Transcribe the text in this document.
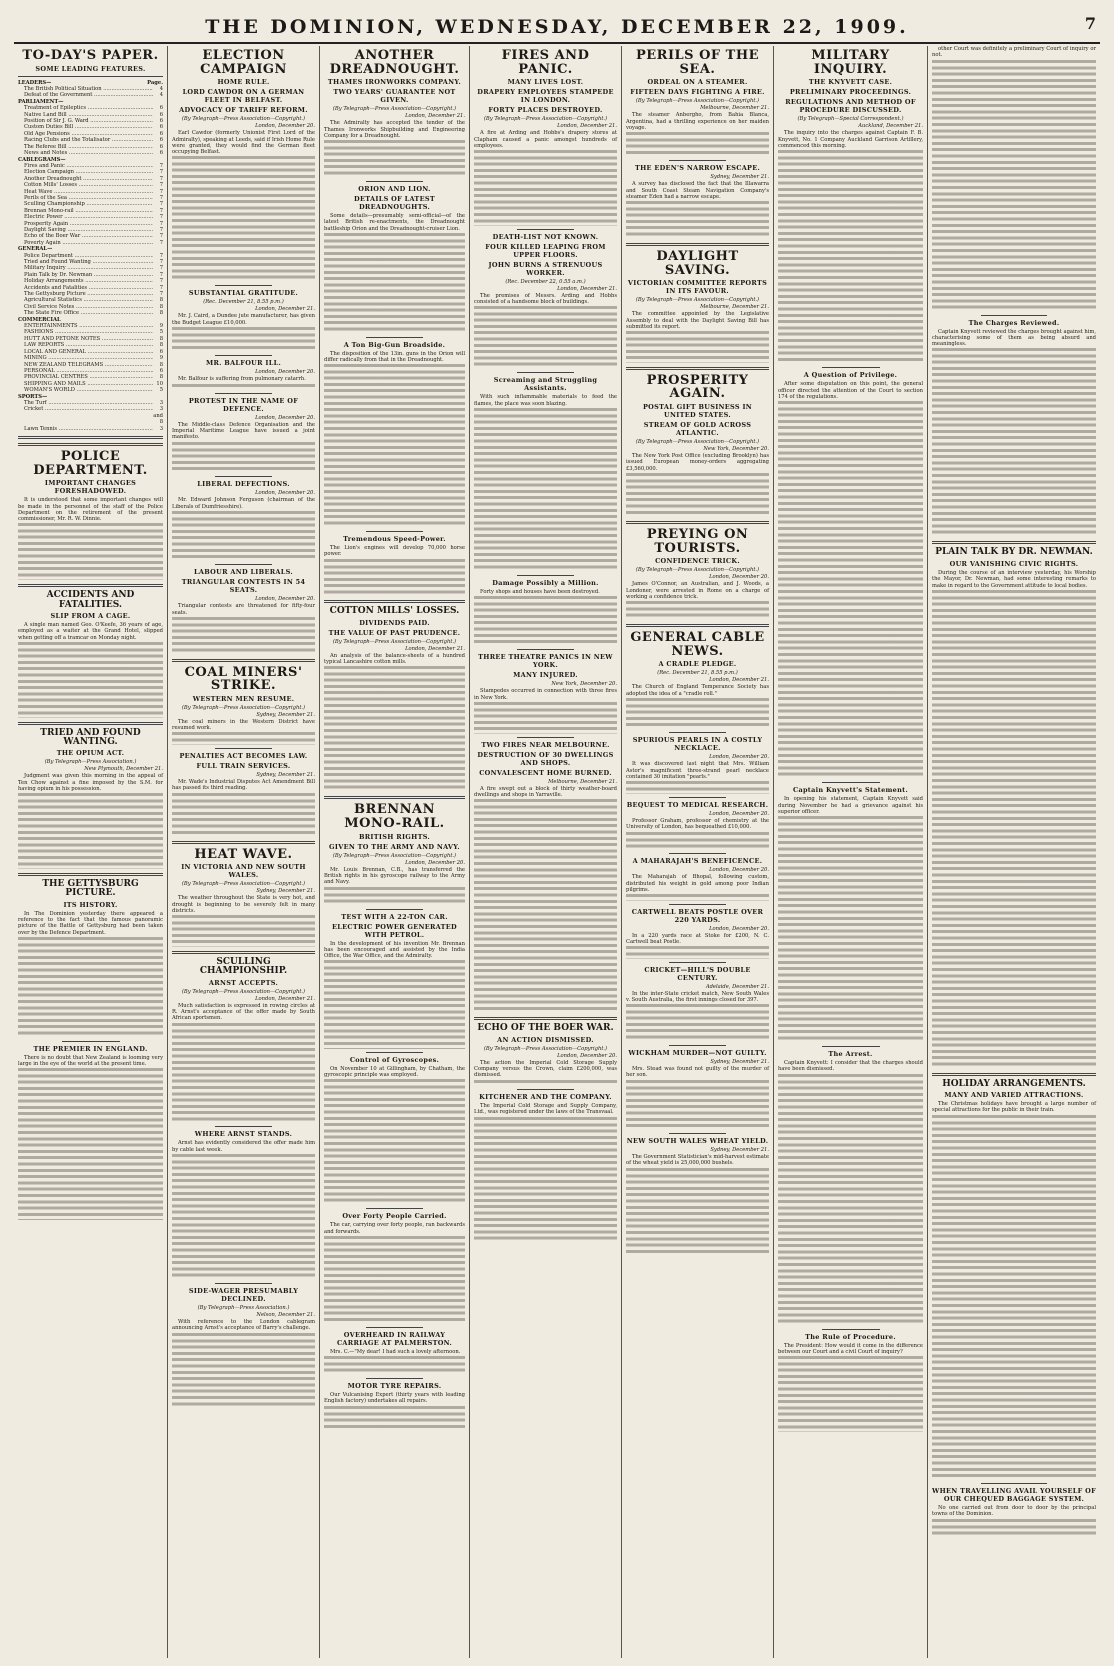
THE DOMINION, WEDNESDAY, DECEMBER 22, 1909.	7
TO-DAY'S PAPER.
SOME LEADING FEATURES.
LEADERS—	Page.
The British Political Situation .....	4
Defeat of the Government .....	4
PARLIAMENT—
Treatment of Epileptics .....	6
Native Land Bill .....	6
Position of Sir J. G. Ward .....	6
Custom Duties Bill .....	6
Old Age Pensions .....	6
Racing Clubs and the Totalisator .....	6
The Referee Bill .....	6
News and Notes .....	6
CABLEGRAMS—
Fires and Panic .....	7
Election Campaign .....	7
Another Dreadnought .....	7
Cotton Mills' Losses .....	7
Heat Wave .....	7
Perils of the Sea .....	7
Sculling Championship .....	7
Brennan Mono-rail .....	7
Electric Power .....	7
Prosperity Again .....	7
Daylight Saving .....	7
Echo of the Boer War .....	7
Poverty Again .....	7
GENERAL—
Police Department .....	7
Tried and Found Wanting .....	7
Military Inquiry .....	7
Plain Talk by Dr. Newman .....	7
Holiday Arrangements .....	7
Accidents and Fatalities .....	7
The Gettysburg Picture .....	7
Agricultural Statistics .....	8
Civil Service Notes .....	8
The State Fire Office .....	8
COMMERCIAL
ENTERTAINMENTS .....	9
FASHIONS .....	5
HUTT AND PETONE NOTES .....	8
LAW REPORTS .....	8
LOCAL AND GENERAL .....	6
MINING .....	9
NEW ZEALAND TELEGRAMS .....	8
PERSONAL .....	6
PROVINCIAL CENTRES .....	8
SHIPPING AND MAILS .....	10
WOMAN'S WORLD .....	5
SPORTS—
The Turf .....	3
Cricket .....	3 and 8
Lawn Tennis .....	3
POLICE DEPARTMENT.
IMPORTANT CHANGES FORESHADOWED.
It is understood that some important changes will be made in the personnel of the staff of the Police Department on the retirement of the present commissioner, Mr. R. W. Dinnie.
ACCIDENTS AND FATALITIES.
SLIP FROM A CAGE.
A single man named Geo. O'Keefe, 36 years of age, employed as a waiter at the Grand Hotel, slipped when getting off a tramcar on Monday night.
TRIED AND FOUND WANTING.
THE OPIUM ACT.
(By Telegraph—Press Association.)
New Plymouth, December 21.
Judgment was given this morning in the appeal of Ten Chow against a fine imposed by the S.M. for having opium in his possession.
THE GETTYSBURG PICTURE.
ITS HISTORY.
In The Dominion yesterday there appeared a reference to the fact that the famous panoramic picture of the Battle of Gettysburg had been taken over by the Defence Department.
THE PREMIER IN ENGLAND.
There is no doubt that New Zealand is looming very large in the eye of the world at the present time.
ELECTION CAMPAIGN
HOME RULE.
LORD CAWDOR ON A GERMAN FLEET IN BELFAST.
ADVOCACY OF TARIFF REFORM.
(By Telegraph—Press Association—Copyright.)
London, December 20.
Earl Cawdor (formerly Unionist First Lord of the Admiralty), speaking at Leeds, said if Irish Home Rule were granted, they would find the German fleet occupying Belfast.
SUBSTANTIAL GRATITUDE.
(Rec. December 21, 8.55 p.m.)
London, December 21.
Mr. J. Caird, a Dundee jute manufacturer, has given the Budget League £10,000.
MR. BALFOUR ILL.
London, December 20.
Mr. Balfour is suffering from pulmonary catarrh.
PROTEST IN THE NAME OF DEFENCE.
London, December 20.
The Middle-class Defence Organisation and the Imperial Maritime League have issued a joint manifesto.
LIBERAL DEFECTIONS.
London, December 20.
Mr. Edward Johnson Ferguson (chairman of the Liberals of Dumfriesshire).
LABOUR AND LIBERALS.
TRIANGULAR CONTESTS IN 54 SEATS.
London, December 20.
Triangular contests are threatened for fifty-four seats.
COAL MINERS' STRIKE.
WESTERN MEN RESUME.
(By Telegraph—Press Association—Copyright.)
Sydney, December 21.
The coal miners in the Western District have resumed work.
PENALTIES ACT BECOMES LAW.
FULL TRAIN SERVICES.
Sydney, December 21.
Mr. Wade's Industrial Disputes Act Amendment Bill has passed its third reading.
HEAT WAVE.
IN VICTORIA AND NEW SOUTH WALES.
(By Telegraph—Press Association—Copyright.)
Sydney, December 21.
The weather throughout the State is very hot, and drought is beginning to be severely felt in many districts.
SCULLING CHAMPIONSHIP.
ARNST ACCEPTS.
(By Telegraph—Press Association—Copyright.)
London, December 21.
Much satisfaction is expressed in rowing circles at R. Arnst's acceptance of the offer made by South African sportsmen.
WHERE ARNST STANDS.
Arnst has evidently considered the offer made him by cable last week.
SIDE-WAGER PRESUMABLY DECLINED.
(By Telegraph—Press Association.)
Nelson, December 21.
With reference to the London cablegram announcing Arnst's acceptance of Barry's challenge.
ANOTHER DREADNOUGHT.
THAMES IRONWORKS COMPANY.
TWO YEARS' GUARANTEE NOT GIVEN.
(By Telegraph—Press Association—Copyright.)
London, December 21.
The Admiralty has accepted the tender of the Thames Ironworks Shipbuilding and Engineering Company for a Dreadnought.
ORION AND LION.
DETAILS OF LATEST DREADNOUGHTS.
Some details—presumably semi-official—of the latest British re-enactments, the Dreadnought battleship Orion and the Dreadnought-cruiser Lion.
A Ton Big-Gun Broadside.
The disposition of the 13in. guns in the Orion will differ radically from that in the Dreadnought.
Tremendous Speed-Power.
The Lion's engines will develop 70,000 horse power.
COTTON MILLS' LOSSES.
DIVIDENDS PAID.
THE VALUE OF PAST PRUDENCE.
(By Telegraph—Press Association—Copyright.)
London, December 21.
An analysis of the balance-sheets of a hundred typical Lancashire cotton mills.
BRENNAN MONO-RAIL.
BRITISH RIGHTS.
GIVEN TO THE ARMY AND NAVY.
(By Telegraph—Press Association—Copyright.)
London, December 20.
Mr. Louis Brennan, C.B., has transferred the British rights in his gyroscope railway to the Army and Navy.
TEST WITH A 22-TON CAR.
ELECTRIC POWER GENERATED WITH PETROL.
In the development of his invention Mr. Brennan has been encouraged and assisted by the India Office, the War Office, and the Admiralty.
Control of Gyroscopes.
On November 10 at Gillingham, by Chatham, the gyroscopic principle was employed.
Over Forty People Carried.
The car, carrying over forty people, ran backwards and forwards.
OVERHEARD IN RAILWAY CARRIAGE AT PALMERSTON.
Mrs. C.—"My dear! I had such a lovely afternoon.
MOTOR TYRE REPAIRS.
Our Vulcanising Expert (thirty years with leading English factory) undertakes all repairs.
FIRES AND PANIC.
MANY LIVES LOST.
DRAPERY EMPLOYEES STAMPEDE IN LONDON.
FORTY PLACES DESTROYED.
(By Telegraph—Press Association—Copyright.)
London, December 21.
A fire at Arding and Hobbs's drapery stores at Clapham caused a panic amongst hundreds of employees.
DEATH-LIST NOT KNOWN.
FOUR KILLED LEAPING FROM UPPER FLOORS.
JOHN BURNS A STRENUOUS WORKER.
(Rec. December 22, 0.55 a.m.)
London, December 21.
The premises of Messrs. Arding and Hobbs consisted of a handsome block of buildings.
Screaming and Struggling Assistants.
With such inflammable materials to feed the flames, the place was soon blazing.
Damage Possibly a Million.
Forty shops and houses have been destroyed.
THREE THEATRE PANICS IN NEW YORK.
MANY INJURED.
New York, December 20.
Stampedes occurred in connection with three fires in New York.
TWO FIRES NEAR MELBOURNE.
DESTRUCTION OF 30 DWELLINGS AND SHOPS.
CONVALESCENT HOME BURNED.
Melbourne, December 21.
A fire swept out a block of thirty weather-board dwellings and shops in Yarraville.
ECHO OF THE BOER WAR.
AN ACTION DISMISSED.
(By Telegraph—Press Association—Copyright.)
London, December 20.
The action the Imperial Cold Storage Supply Company versus the Crown, claim £200,000, was dismissed.
KITCHENER AND THE COMPANY.
The Imperial Cold Storage and Supply Company, Ltd., was registered under the laws of the Transvaal.
PERILS OF THE SEA.
ORDEAL ON A STEAMER.
FIFTEEN DAYS FIGHTING A FIRE.
(By Telegraph—Press Association—Copyright.)
Melbourne, December 21.
The steamer Anbergho, from Bahia Blanca, Argentina, had a thrilling experience on her maiden voyage.
THE EDEN'S NARROW ESCAPE.
Sydney, December 21.
A survey has disclosed the fact that the Illawarra and South Coast Steam Navigation Company's steamer Eden had a narrow escape.
DAYLIGHT SAVING.
VICTORIAN COMMITTEE REPORTS IN ITS FAVOUR.
(By Telegraph—Press Association—Copyright.)
Melbourne, December 21.
The committee appointed by the Legislative Assembly to deal with the Daylight Saving Bill has submitted its report.
PROSPERITY AGAIN.
POSTAL GIFT BUSINESS IN UNITED STATES.
STREAM OF GOLD ACROSS ATLANTIC.
(By Telegraph—Press Association—Copyright.)
New York, December 20.
The New York Post Office (excluding Brooklyn) has issued European money-orders aggregating £3,560,000.
PREYING ON TOURISTS.
CONFIDENCE TRICK.
(By Telegraph—Press Association—Copyright.)
London, December 20.
James O'Connor, an Australian, and J. Woods, a Londoner, were arrested in Rome on a charge of working a confidence trick.
GENERAL CABLE NEWS.
A CRADLE PLEDGE.
(Rec. December 21, 8.55 p.m.)
London, December 21.
The Church of England Temperance Society has adopted the idea of a "cradle roll."
SPURIOUS PEARLS IN A COSTLY NECKLACE.
London, December 20.
It was discovered last night that Mrs. William Astor's magnificent three-strand pearl necklace contained 30 imitation "pearls."
BEQUEST TO MEDICAL RESEARCH.
London, December 20.
Professor Graham, professor of chemistry at the University of London, has bequeathed £10,000.
A MAHARAJAH'S BENEFICENCE.
London, December 20.
The Maharajah of Bhopal, following custom, distributed his weight in gold among poor Indian pilgrims.
CARTWELL BEATS POSTLE OVER 220 YARDS.
London, December 20.
In a 220 yards race at Stoke for £200, N. C. Cartwell beat Postle.
CRICKET—HILL'S DOUBLE CENTURY.
Adelaide, December 21.
In the inter-State cricket match, New South Wales v. South Australia, the first innings closed for 397.
WICKHAM MURDER—NOT GUILTY.
Sydney, December 21.
Mrs. Stead was found not guilty of the murder of her son.
NEW SOUTH WALES WHEAT YIELD.
Sydney, December 21.
The Government Statistician's mid-harvest estimate of the wheat yield is 25,000,000 bushels.
MILITARY INQUIRY.
THE KNYVETT CASE.
PRELIMINARY PROCEEDINGS.
REGULATIONS AND METHOD OF PROCEDURE DISCUSSED.
(By Telegraph—Special Correspondent.)
Auckland, December 21.
The inquiry into the charges against Captain F. B. Knyvett, No. 1 Company Auckland Garrison Artillery, commenced this morning.
A Question of Privilege.
After some disputation on this point, the general officer directed the attention of the Court to section 174 of the regulations.
Captain Knyvett's Statement.
In opening his statement, Captain Knyvett said during November he had a grievance against his superior officer.
The Arrest.
Captain Knyvett: I consider that the charges should have been dismissed.
The Rule of Procedure.
The President: How would it come in the difference between our Court and a civil Court of inquiry?
other Court was definitely a preliminary Court of inquiry or not.
The Charges Reviewed.
Captain Knyvett reviewed the charges brought against him, characterising some of them as being absurd and meaningless.
PLAIN TALK BY DR. NEWMAN.
OUR VANISHING CIVIC RIGHTS.
During the course of an interview yesterday, his Worship the Mayor, Dr. Newman, had some interesting remarks to make in regard to the Government attitude to local bodies.
HOLIDAY ARRANGEMENTS.
MANY AND VARIED ATTRACTIONS.
The Christmas holidays have brought a large number of special attractions for the public in their train.
WHEN TRAVELLING AVAIL YOURSELF OF OUR CHEQUED BAGGAGE SYSTEM.
No one carried out from door to door by the principal towns of the Dominion.
